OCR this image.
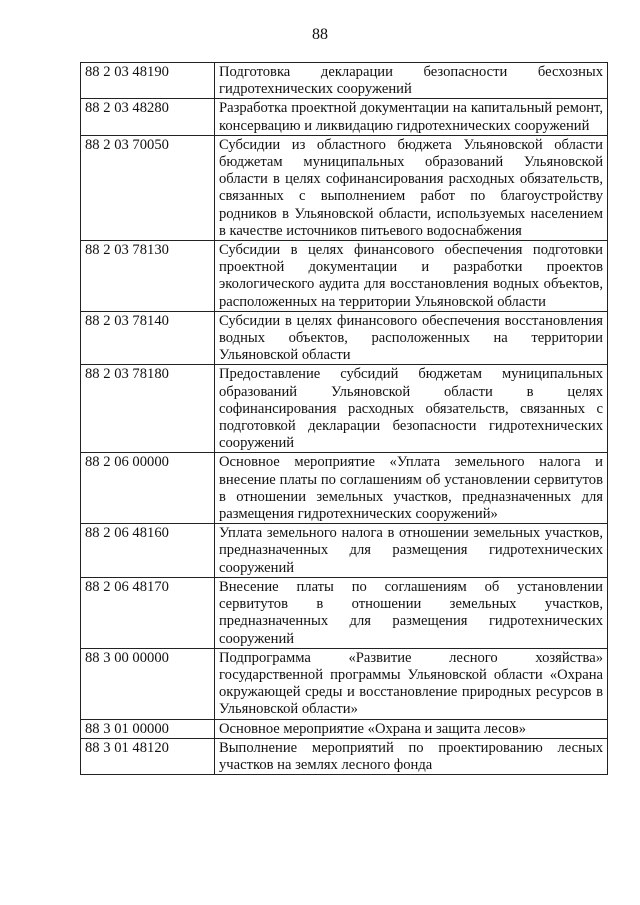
88
88 2 03 48190	Подготовка декларации безопасности бесхозных гидротехнических сооружений
88 2 03 48280	Разработка проектной документации на капитальный ремонт, консервацию и ликвидацию гидротехнических сооружений
88 2 03 70050	Субсидии из областного бюджета Ульяновской области бюджетам муниципальных образований Ульяновской области в целях софинансирования расходных обязательств, связанных с выполнением работ по благоустройству родников в Ульяновской области, используемых населением в качестве источников питьевого водоснабжения
88 2 03 78130	Субсидии в целях финансового обеспечения подготовки проектной документации и разработки проектов экологического аудита для восстановления водных объектов, расположенных на территории Ульяновской области
88 2 03 78140	Субсидии в целях финансового обеспечения восстановления водных объектов, расположенных на территории Ульяновской области
88 2 03 78180	Предоставление субсидий бюджетам муниципальных образований Ульяновской области в целях софинансирования расходных обязательств, связанных с подготовкой декларации безопасности гидротехнических сооружений
88 2 06 00000	Основное мероприятие «Уплата земельного налога и внесение платы по соглашениям об установлении сервитутов в отношении земельных участков, предназначенных для размещения гидротехнических сооружений»
88 2 06 48160	Уплата земельного налога в отношении земельных участков, предназначенных для размещения гидротехнических сооружений
88 2 06 48170	Внесение платы по соглашениям об установлении сервитутов в отношении земельных участков, предназначенных для размещения гидротехнических сооружений
88 3 00 00000	Подпрограмма «Развитие лесного хозяйства» государственной программы Ульяновской области «Охрана окружающей среды и восстановление природных ресурсов в Ульяновской области»
88 3 01 00000	Основное мероприятие «Охрана и защита лесов»
88 3 01 48120	Выполнение мероприятий по проектированию лесных участков на землях лесного фонда
